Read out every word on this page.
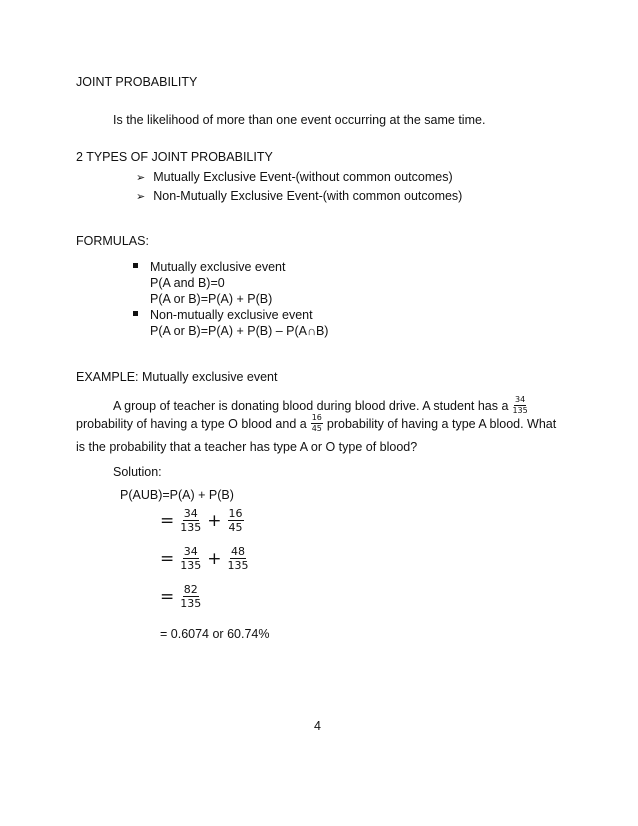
JOINT PROBABILITY
Is the likelihood of more than one event occurring at the same time.
2 TYPES OF JOINT PROBABILITY
➢ Mutually Exclusive Event-(without common outcomes)
➢ Non-Mutually Exclusive Event-(with common outcomes)
FORMULAS:
Mutually exclusive event
P(A and B)=0
P(A or B)=P(A) + P(B)
Non-mutually exclusive event
P(A or B)=P(A) + P(B) – P(A∩B)
EXAMPLE: Mutually exclusive event
A group of teacher is donating blood during blood drive. A student has a $\frac{34}{135}$
probability of having a type O blood and a $\frac{16}{45}$ probability of having a type A blood. What
is the probability that a teacher has type A or O type of blood?
Solution:
P(AUB)=P(A) + P(B)
= $\frac{34}{135} + \frac{16}{45}$
= $\frac{34}{135} + \frac{48}{135}$
= $\frac{82}{135}$
= 0.6074 or 60.74%
4
